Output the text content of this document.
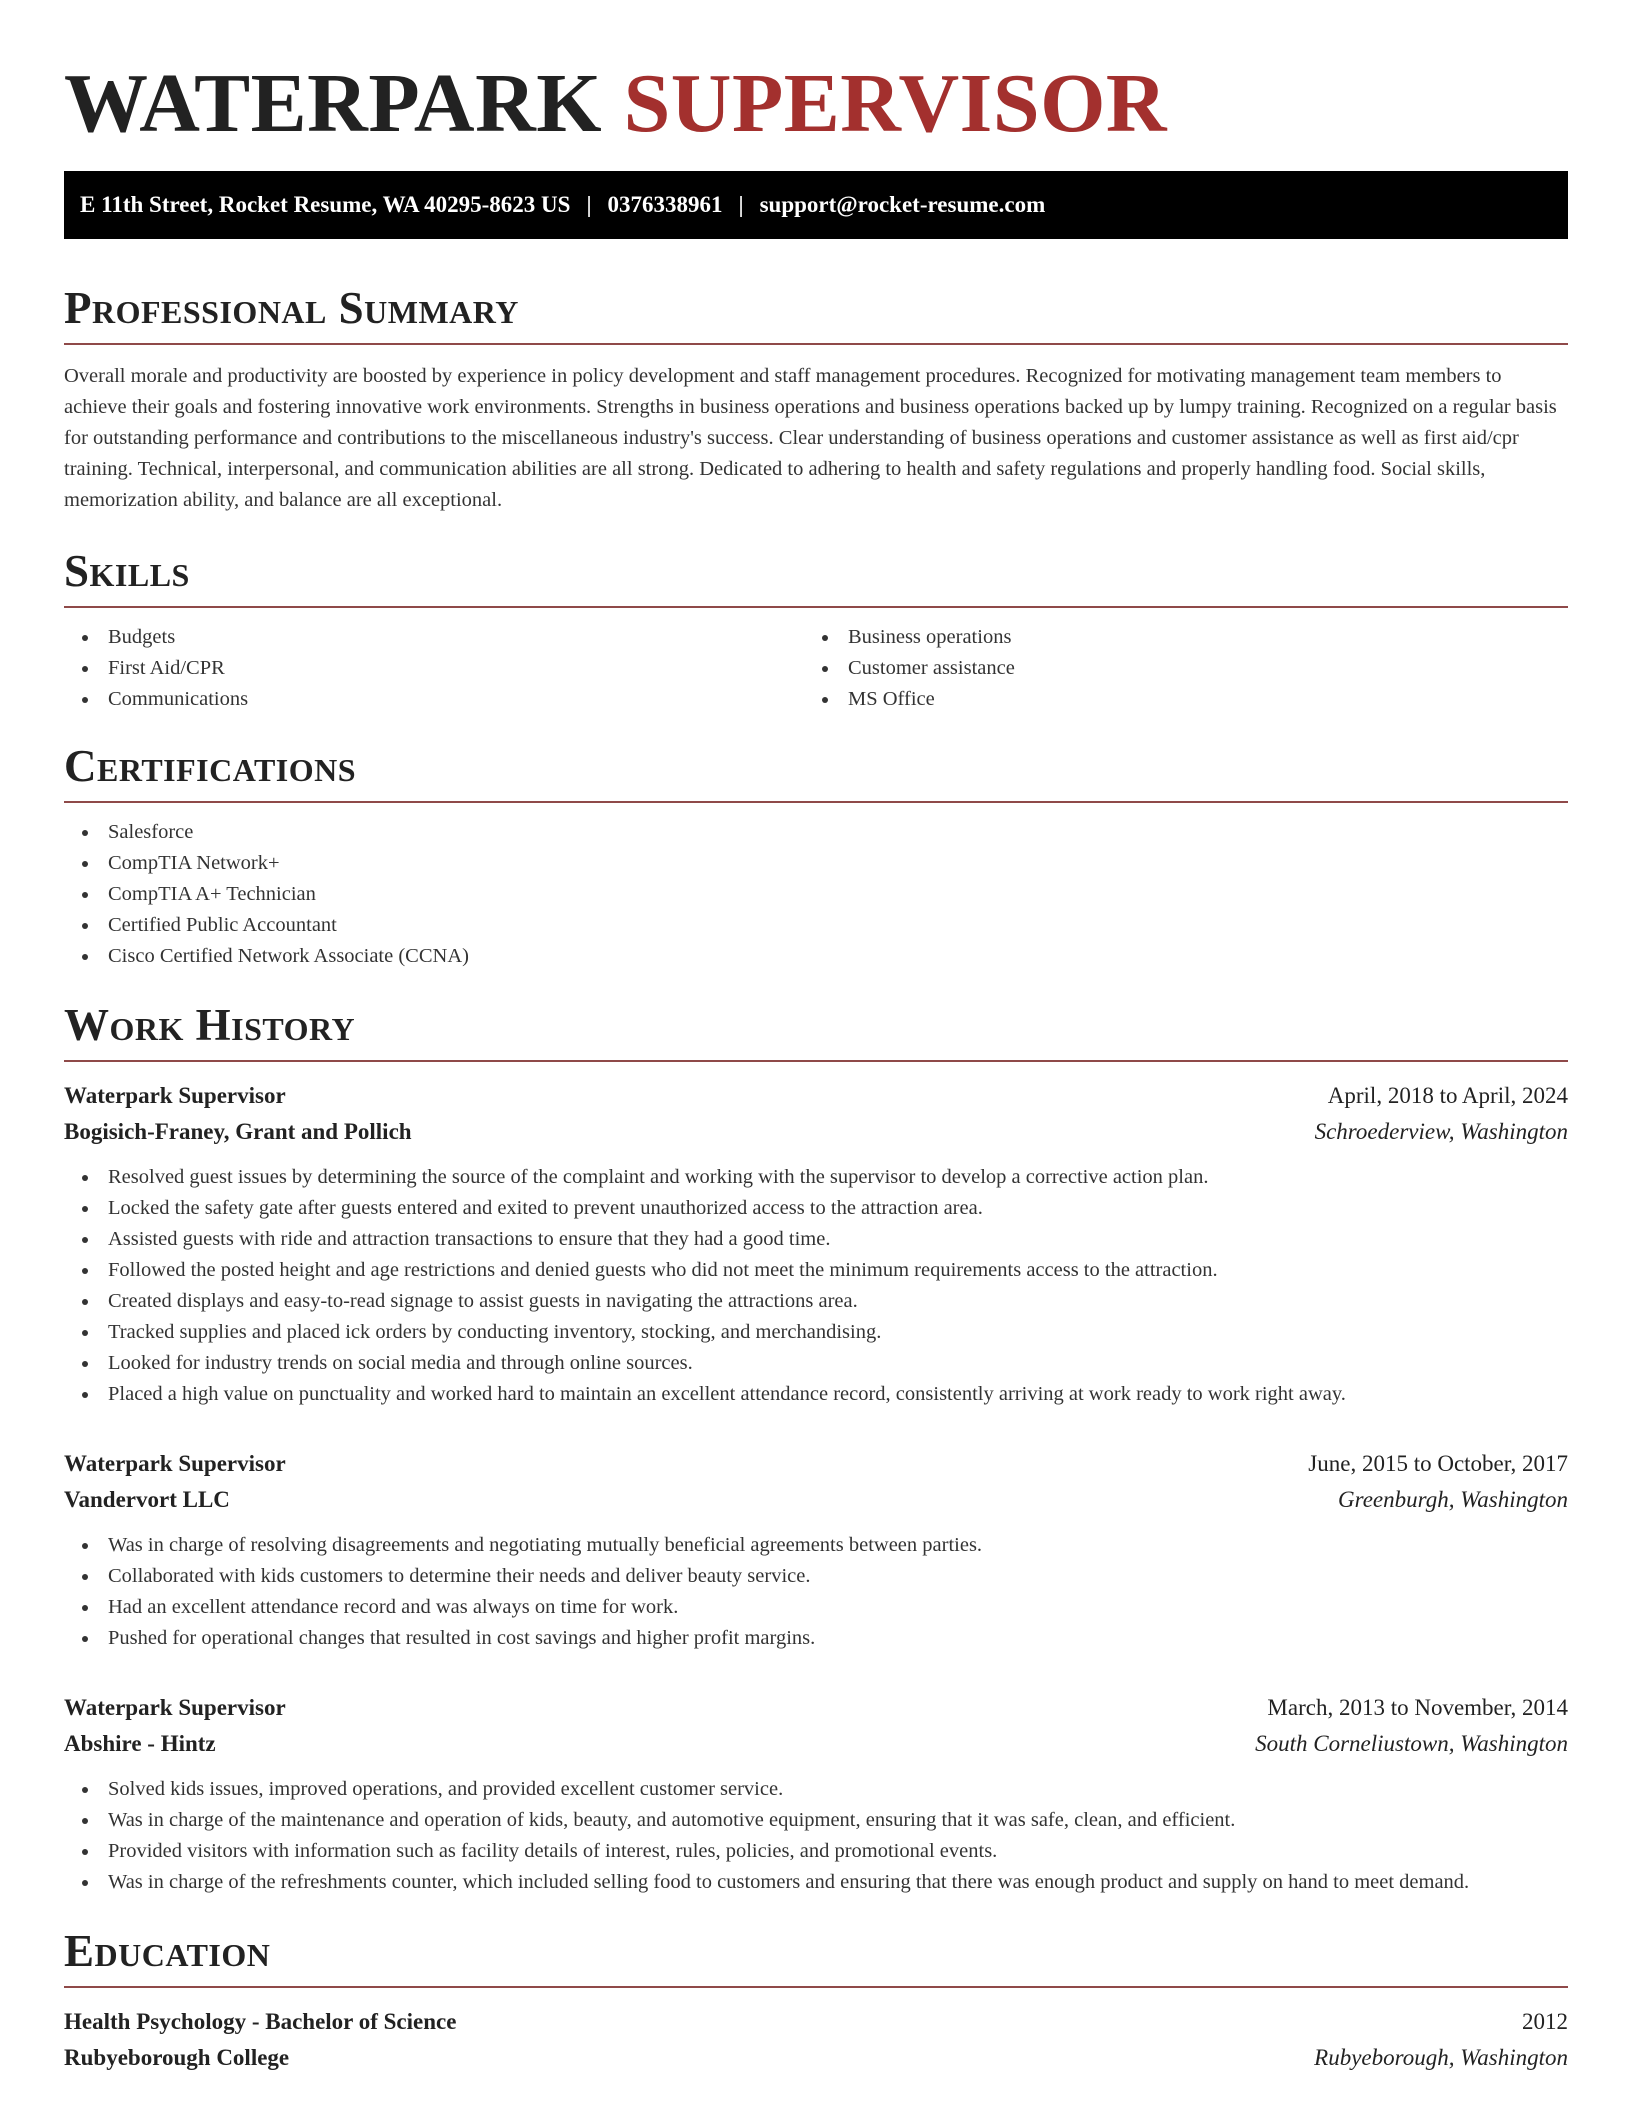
WATERPARK SUPERVISOR
E 11th Street, Rocket Resume, WA 40295-8623 US | 0376338961 | support@rocket-resume.com
Professional Summary

Overall morale and productivity are boosted by experience in policy development and staff management procedures. Recognized for motivating management team members to achieve their goals and fostering innovative work environments. Strengths in business operations and business operations backed up by lumpy training. Recognized on a regular basis for outstanding performance and contributions to the miscellaneous industry's success. Clear understanding of business operations and customer assistance as well as first aid/cpr training. Technical, interpersonal, and communication abilities are all strong. Dedicated to adhering to health and safety regulations and properly handling food. Social skills, memorization ability, and balance are all exceptional.

Skills
Budgets
First Aid/CPR
Communications
Business operations
Customer assistance
MS Office
Certifications
Salesforce
CompTIA Network+
CompTIA A+ Technician
Certified Public Accountant
Cisco Certified Network Associate (CCNA)
Work History
Waterpark Supervisor	April, 2018 to April, 2024
Bogisich-Franey, Grant and Pollich	Schroederview, Washington
Resolved guest issues by determining the source of the complaint and working with the supervisor to develop a corrective action plan.
Locked the safety gate after guests entered and exited to prevent unauthorized access to the attraction area.
Assisted guests with ride and attraction transactions to ensure that they had a good time.
Followed the posted height and age restrictions and denied guests who did not meet the minimum requirements access to the attraction.
Created displays and easy-to-read signage to assist guests in navigating the attractions area.
Tracked supplies and placed ick orders by conducting inventory, stocking, and merchandising.
Looked for industry trends on social media and through online sources.
Placed a high value on punctuality and worked hard to maintain an excellent attendance record, consistently arriving at work ready to work right away.
Waterpark Supervisor	June, 2015 to October, 2017
Vandervort LLC	Greenburgh, Washington
Was in charge of resolving disagreements and negotiating mutually beneficial agreements between parties.
Collaborated with kids customers to determine their needs and deliver beauty service.
Had an excellent attendance record and was always on time for work.
Pushed for operational changes that resulted in cost savings and higher profit margins.
Waterpark Supervisor	March, 2013 to November, 2014
Abshire - Hintz	South Corneliustown, Washington
Solved kids issues, improved operations, and provided excellent customer service.
Was in charge of the maintenance and operation of kids, beauty, and automotive equipment, ensuring that it was safe, clean, and efficient.
Provided visitors with information such as facility details of interest, rules, policies, and promotional events.
Was in charge of the refreshments counter, which included selling food to customers and ensuring that there was enough product and supply on hand to meet demand.
Education
Health Psychology - Bachelor of Science	2012
Rubyeborough College	Rubyeborough, Washington
